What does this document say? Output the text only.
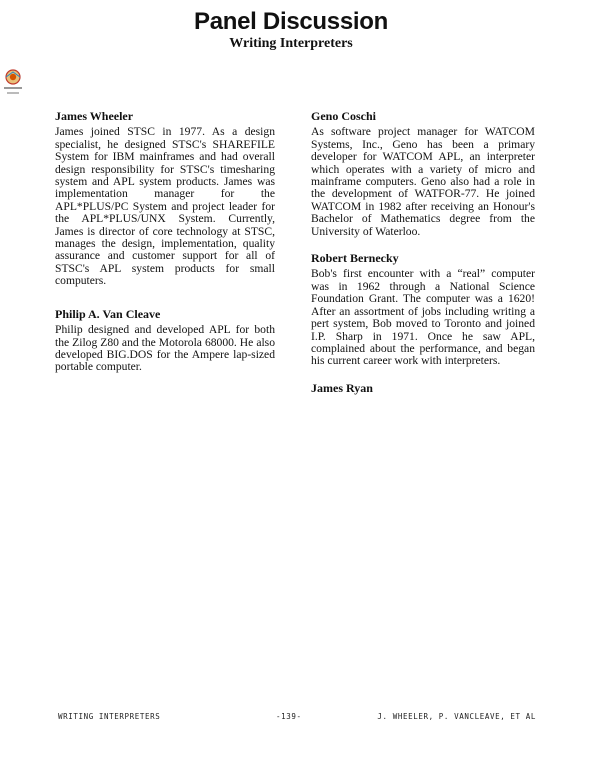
Panel Discussion
Writing Interpreters

James Wheeler

James joined STSC in 1977. As a design specialist, he designed STSC's SHAREFILE System for IBM mainframes and had overall design responsibility for STSC's timesharing system and APL system products. James was implementation manager for the APL*PLUS/PC System and project leader for the APL*PLUS/UNX System. Currently, James is director of core technology at STSC, manages the design, implementation, quality assurance and customer support for all of STSC's APL system products for small computers.

Philip A. Van Cleave

Philip designed and developed APL for both the Zilog Z80 and the Motorola 68000. He also developed BIG.DOS for the Ampere lap-sized portable computer.

Geno Coschi

As software project manager for WATCOM Systems, Inc., Geno has been a primary developer for WATCOM APL, an interpreter which operates with a variety of micro and mainframe computers. Geno also had a role in the development of WATFOR-77. He joined WATCOM in 1982 after receiving an Honour's Bachelor of Mathematics degree from the University of Waterloo.

Robert Bernecky

Bob's first encounter with a “real” computer was in 1962 through a National Science Foundation Grant. The computer was a 1620! After an assortment of jobs including writing a pert system, Bob moved to Toronto and joined I.P. Sharp in 1971. Once he saw APL, complained about the performance, and began his current career work with interpreters.

James Ryan

WRITING INTERPRETERS	-139-	J. WHEELER, P. VANCLEAVE, ET AL
